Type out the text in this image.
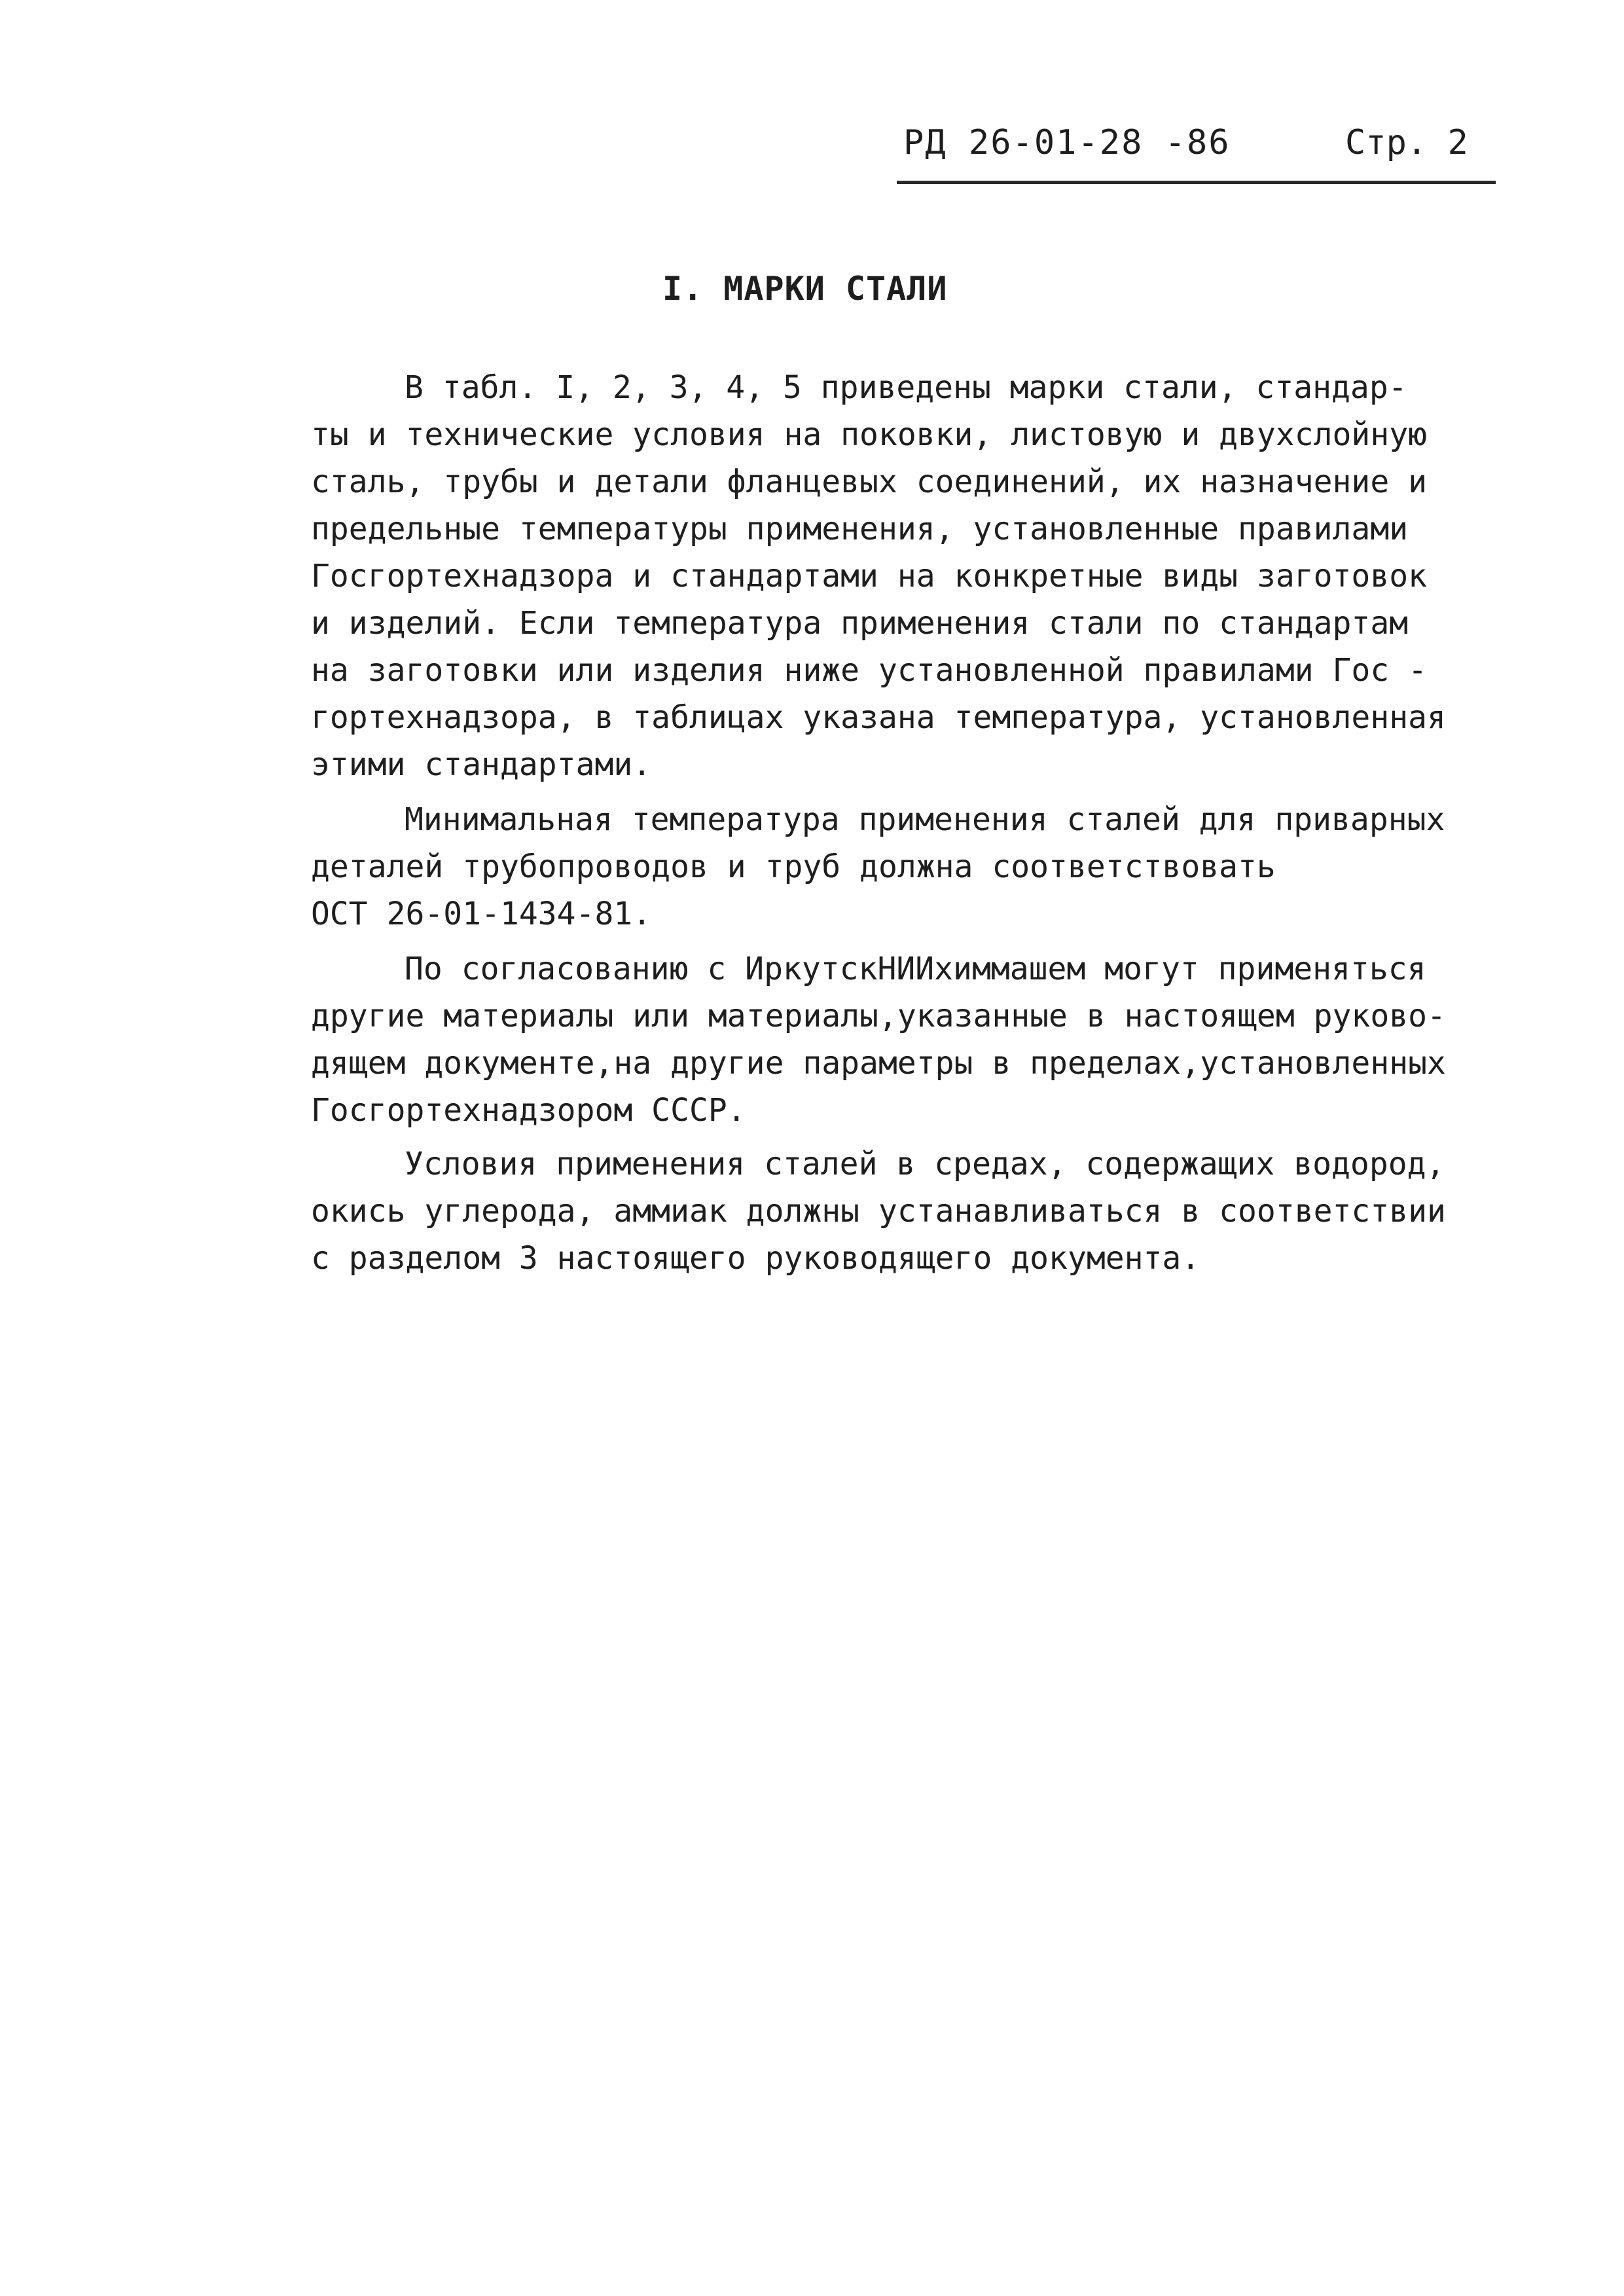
РД 26-01-28 -86	Стр. 2
I. МАРКИ СТАЛИ
В табл. I, 2, 3, 4, 5 приведены марки стали, стандар-
ты и технические условия на поковки, листовую и двухслойную
сталь, трубы и детали фланцевых соединений, их назначение и
предельные температуры применения, установленные правилами
Госгортехнадзора и стандартами на конкретные виды заготовок
и изделий. Если температура применения стали по стандартам
на заготовки или изделия ниже установленной правилами Гос -
гортехнадзора, в таблицах указана температура, установленная
этими стандартами.
Минимальная температура применения сталей для приварных
деталей трубопроводов и труб должна соответствовать
ОСТ 26-01-1434-81.
По согласованию с ИркутскНИИхиммашем могут применяться
другие материалы или материалы,указанные в настоящем руково-
дящем документе,на другие параметры в пределах,установленных
Госгортехнадзором СССР.
Условия применения сталей в средах, содержащих водород,
окись углерода, аммиак должны устанавливаться в соответствии
с разделом 3 настоящего руководящего документа.
